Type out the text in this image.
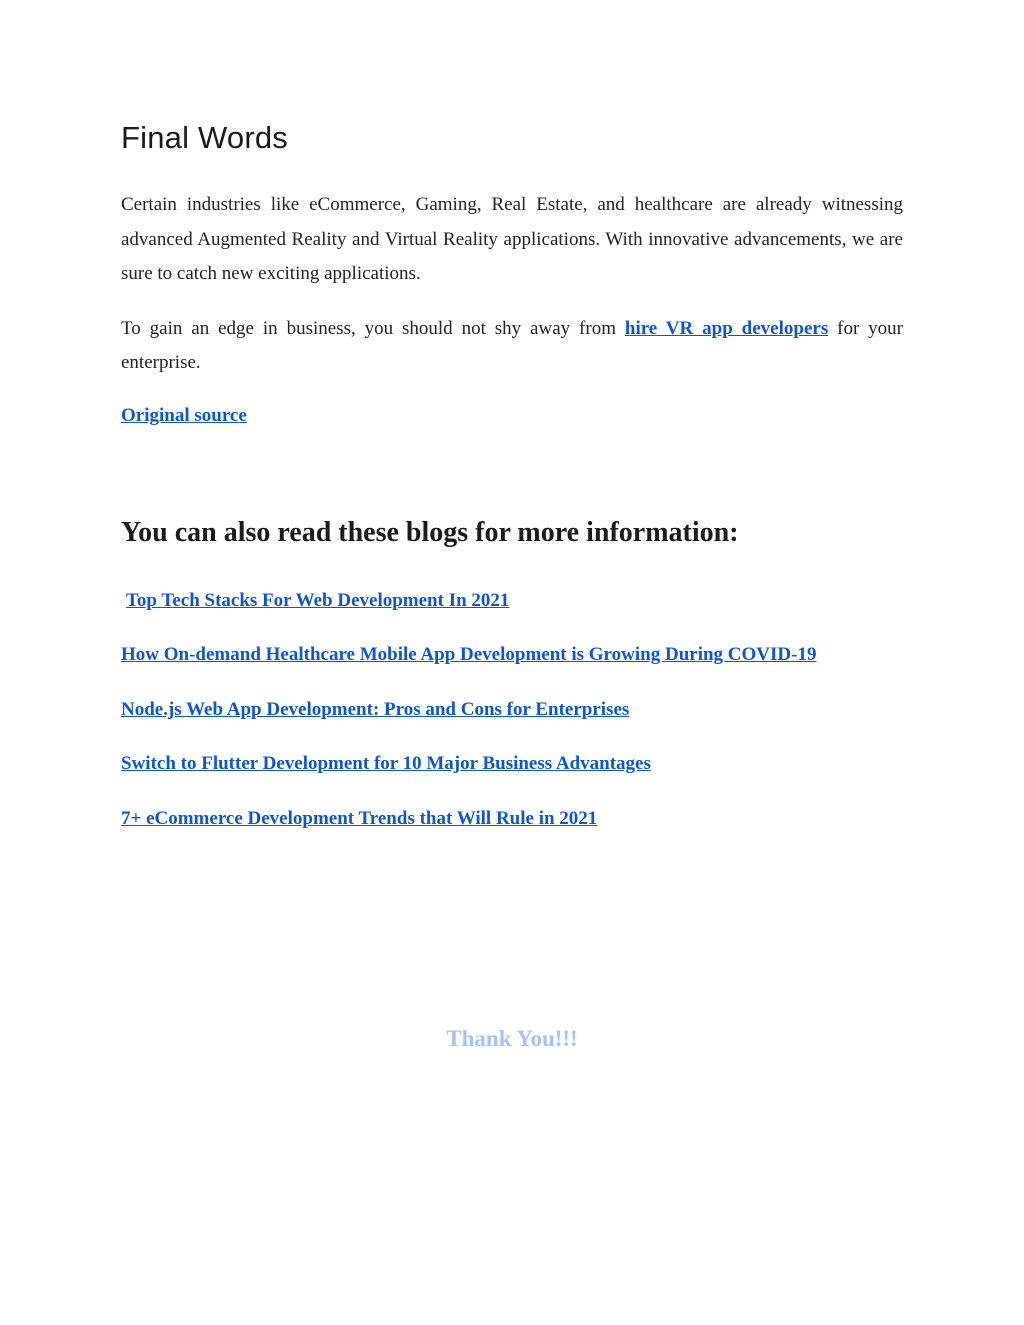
Final Words

Certain industries like eCommerce, Gaming, Real Estate, and healthcare are already witnessing advanced Augmented Reality and Virtual Reality applications. With innovative advancements, we are sure to catch new exciting applications.

To gain an edge in business, you should not shy away from hire VR app developers for your enterprise.

Original source

You can also read these blogs for more information:
Top Tech Stacks For Web Development In 2021
How On-demand Healthcare Mobile App Development is Growing During COVID-19
Node.js Web App Development: Pros and Cons for Enterprises
Switch to Flutter Development for 10 Major Business Advantages
7+ eCommerce Development Trends that Will Rule in 2021
Thank You!!!
